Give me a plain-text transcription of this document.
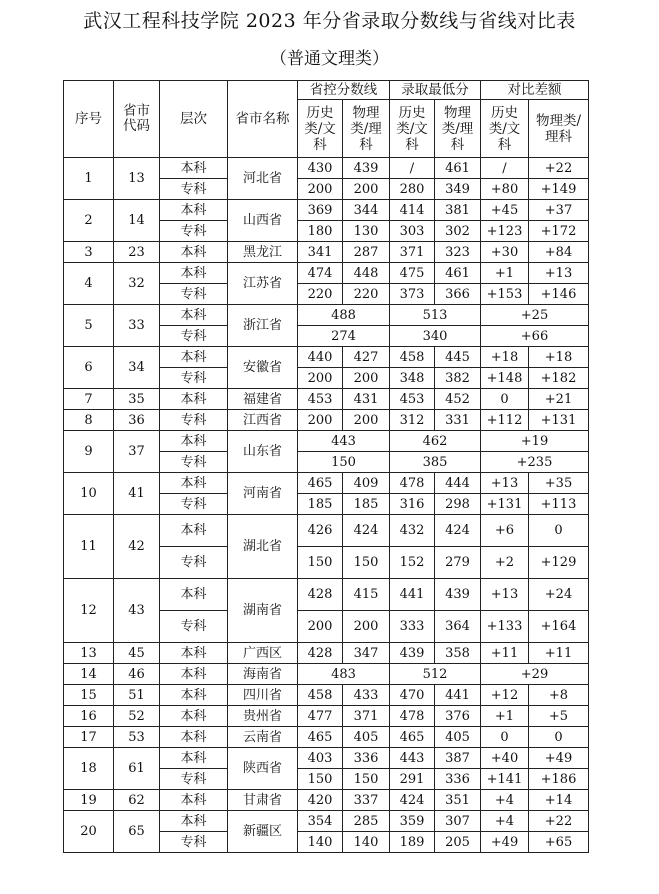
武汉工程科技学院 2023 年分省录取分数线与省线对比表
（普通文理类）
序号	省市代码	层次	省市名称	省控分数线		录取最低分		对比差额	
				历史类/文科	物理类/理科	历史类/文科	物理类/理科	历史类/文科	物理类/理科
1	13	本科	河北省	430	439	/	461	/	+22
		专科		200	200	280	349	+80	+149
2	14	本科	山西省	369	344	414	381	+45	+37
		专科		180	130	303	302	+123	+172
3	23	本科	黑龙江	341	287	371	323	+30	+84
4	32	本科	江苏省	474	448	475	461	+1	+13
		专科		220	220	373	366	+153	+146
5	33	本科	浙江省	488		513		+25	
		专科		274		340		+66	
6	34	本科	安徽省	440	427	458	445	+18	+18
		专科		200	200	348	382	+148	+182
7	35	本科	福建省	453	431	453	452	0	+21
8	36	专科	江西省	200	200	312	331	+112	+131
9	37	本科	山东省	443		462		+19	
		专科		150		385		+235	
10	41	本科	河南省	465	409	478	444	+13	+35
		专科		185	185	316	298	+131	+113
11	42	本科	湖北省	426	424	432	424	+6	0
		专科		150	150	152	279	+2	+129
12	43	本科	湖南省	428	415	441	439	+13	+24
		专科		200	200	333	364	+133	+164
13	45	本科	广西区	428	347	439	358	+11	+11
14	46	本科	海南省	483		512		+29	
15	51	本科	四川省	458	433	470	441	+12	+8
16	52	本科	贵州省	477	371	478	376	+1	+5
17	53	本科	云南省	465	405	465	405	0	0
18	61	本科	陕西省	403	336	443	387	+40	+49
		专科		150	150	291	336	+141	+186
19	62	本科	甘肃省	420	337	424	351	+4	+14
20	65	本科	新疆区	354	285	359	307	+4	+22
		专科		140	140	189	205	+49	+65
